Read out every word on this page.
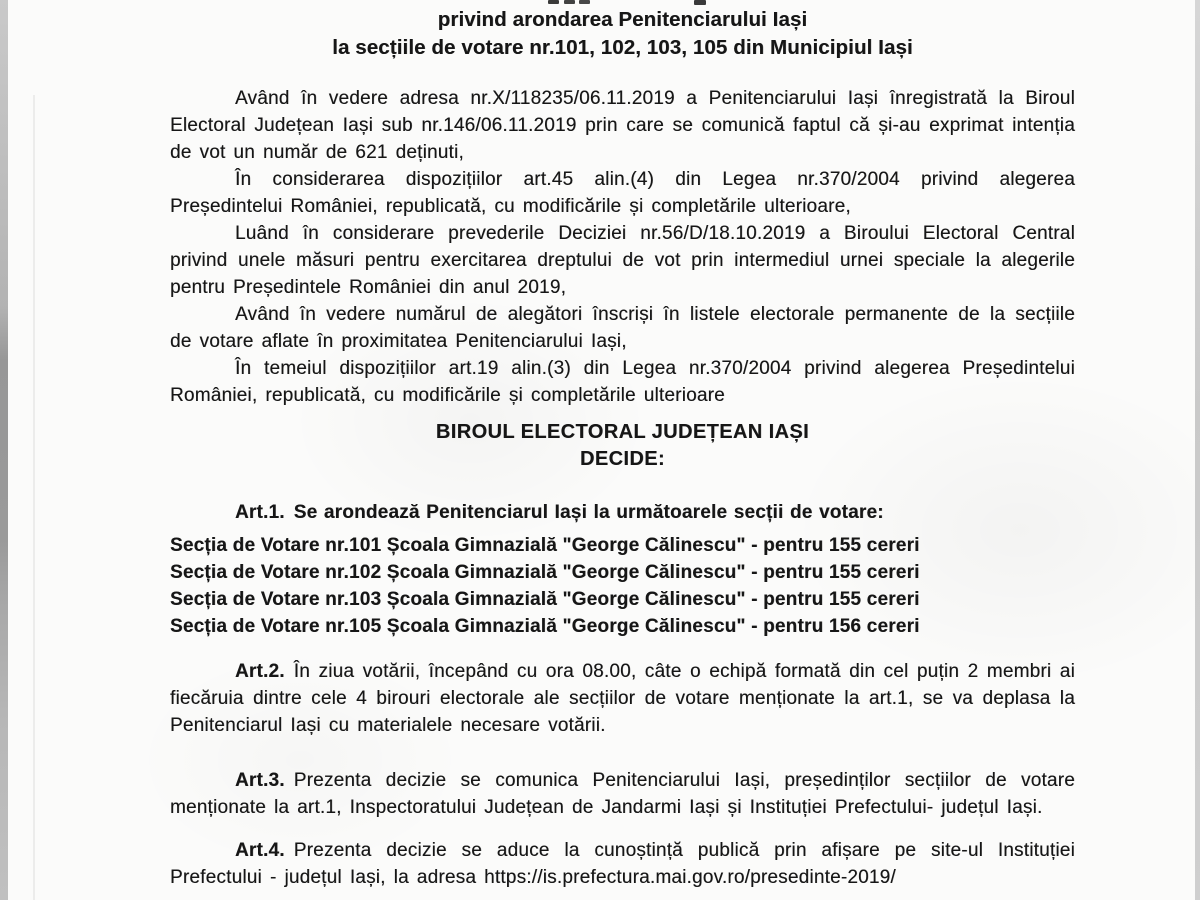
privind arondarea Penitenciarului Iași
la secțiile de votare nr.101, 102, 103, 105 din Municipiul Iași

Având în vedere adresa nr.X/118235/06.11.2019 a Penitenciarului Iași înregistrată la Biroul Electoral Județean Iași sub nr.146/06.11.2019 prin care se comunică faptul că și-au exprimat intenția de vot un număr de 621 deținuti,

În considerarea dispozițiilor art.45 alin.(4) din Legea nr.370/2004 privind alegerea Președintelui României, republicată, cu modificările și completările ulterioare,

Luând în considerare prevederile Deciziei nr.56/D/18.10.2019 a Biroului Electoral Central privind unele măsuri pentru exercitarea dreptului de vot prin intermediul urnei speciale la alegerile pentru Președintele României din anul 2019,

Având în vedere numărul de alegători înscriși în listele electorale permanente de la secțiile de votare aflate în proximitatea Penitenciarului Iași,

În temeiul dispozițiilor art.19 alin.(3) din Legea nr.370/2004 privind alegerea Președintelui României, republicată, cu modificările și completările ulterioare

BIROUL ELECTORAL JUDEȚEAN IAȘI
DECIDE:

Art.1. Se arondează Penitenciarul Iași la următoarele secții de votare:

Secția de Votare nr.101 Școala Gimnazială "George Călinescu" - pentru 155 cereri
Secția de Votare nr.102 Școala Gimnazială "George Călinescu" - pentru 155 cereri
Secția de Votare nr.103 Școala Gimnazială "George Călinescu" - pentru 155 cereri
Secția de Votare nr.105 Școala Gimnazială "George Călinescu" - pentru 156 cereri

Art.2. În ziua votării, începând cu ora 08.00, câte o echipă formată din cel puțin 2 membri ai fiecăruia dintre cele 4 birouri electorale ale secțiilor de votare menționate la art.1, se va deplasa la Penitenciarul Iași cu materialele necesare votării.

Art.3. Prezenta decizie se comunica Penitenciarului Iași, președinților secțiilor de votare menționate la art.1, Inspectoratului Județean de Jandarmi Iași și Instituției Prefectului- județul Iași.

Art.4. Prezenta decizie se aduce la cunoștință publică prin afișare pe site-ul Instituției Prefectului - județul Iași, la adresa https://is.prefectura.mai.gov.ro/presedinte-2019/
